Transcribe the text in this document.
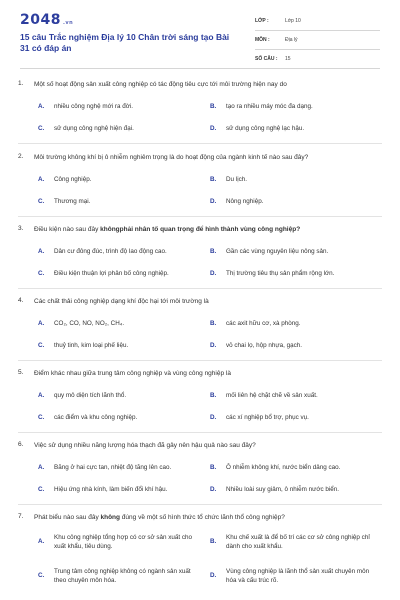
2048 .vn
15 câu Trắc nghiệm Địa lý 10 Chân trời sáng tạo Bài 31 có đáp án
LỚP :	Lớp 10
MÔN :	Địa lý
SỐ CÂU : 15
1. Một số hoạt động sản xuất công nghiệp có tác động tiêu cực tới môi trường hiện nay do
A. nhiều công nghệ mới ra đời.	B. tạo ra nhiều máy móc đa dạng.
C. sử dụng công nghệ hiện đại.	D. sử dụng công nghệ lạc hậu.
2. Môi trường không khí bị ô nhiễm nghiêm trọng là do hoạt động của ngành kinh tế nào sau đây?
A. Công nghiệp.	B. Du lịch.
C. Thương mại.	D. Nông nghiệp.
3. Điều kiện nào sau đây khôngphải nhân tố quan trọng để hình thành vùng công nghiệp?
A. Dân cư đông đúc, trình độ lao động cao.	B. Gần các vùng nguyên liệu nông sản.
C. Điều kiện thuận lợi phân bố công nghiệp.	D. Thị trường tiêu thụ sản phẩm rộng lớn.
4. Các chất thải công nghiệp dạng khí độc hại tới môi trường là
A. CO₂, CO, NO, NO₂, CH₄.	B. các axit hữu cơ, xà phòng.
C. thuỷ tinh, kim loại phế liệu.	D. vỏ chai lọ, hộp nhựa, gạch.
5. Điểm khác nhau giữa trung tâm công nghiệp và vùng công nghiệp là
A. quy mô diện tích lãnh thổ.	B. mối liên hệ chặt chẽ về sản xuất.
C. các điểm và khu công nghiệp.	D. các xí nghiệp bổ trợ, phục vụ.
6. Việc sử dụng nhiều năng lượng hóa thạch đã gây nên hậu quả nào sau đây?
A. Băng ở hai cực tan, nhiệt độ tăng lên cao.	B. Ô nhiễm không khí, nước biển dâng cao.
C. Hiệu ứng nhà kính, làm biến đổi khí hậu.	D. Nhiều loài suy giảm, ô nhiễm nước biển.
7. Phát biểu nào sau đây không đúng về một số hình thức tổ chức lãnh thổ công nghiệp?
A.
Khu công nghiệp tổng hợp có cơ sở sản xuất cho xuất khẩu, tiêu dùng.
B.
Khu chế xuất là để bố trí các cơ sở công nghiệp chỉ dành cho xuất khẩu.
C.
Trung tâm công nghiệp không có ngành sản xuất theo chuyên môn hóa.
D.
Vùng công nghiệp là lãnh thổ sản xuất chuyên môn hóa và cấu trúc rõ.
